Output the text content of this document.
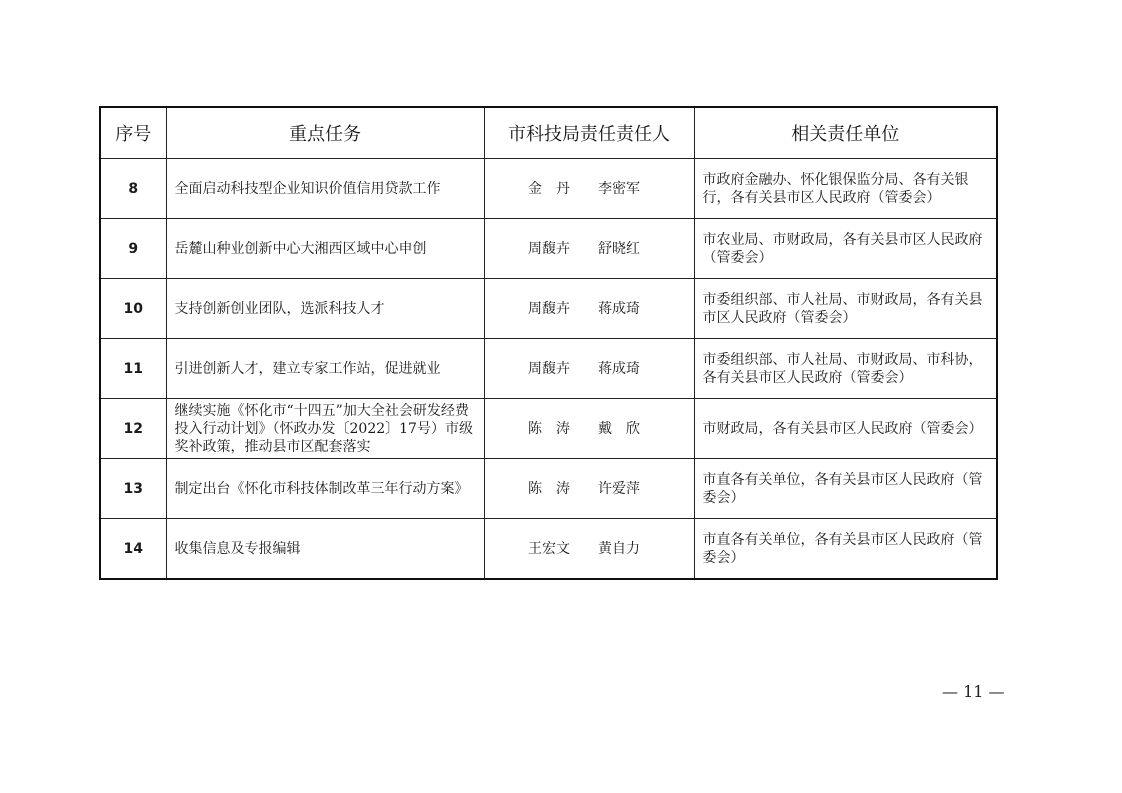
序号	重点任务	市科技局责任责任人	相关责任单位
8	全面启动科技型企业知识价值信用贷款工作	金　丹 李密军	市政府金融办、怀化银保监分局、各有关银行，各有关县市区人民政府（管委会）
9	岳麓山种业创新中心大湘西区域中心申创	周馥卉 舒晓红	市农业局、市财政局，各有关县市区人民政府（管委会）
10	支持创新创业团队，选派科技人才	周馥卉 蒋成琦	市委组织部、市人社局、市财政局，各有关县市区人民政府（管委会）
11	引进创新人才，建立专家工作站，促进就业	周馥卉 蒋成琦	市委组织部、市人社局、市财政局、市科协，各有关县市区人民政府（管委会）
12	继续实施《怀化市“十四五”加大全社会研发经费投入行动计划》（怀政办发〔2022〕17号）市级奖补政策，推动县市区配套落实	陈　涛 戴　欣	市财政局，各有关县市区人民政府（管委会）
13	制定出台《怀化市科技体制改革三年行动方案》	陈　涛 许爱萍	市直各有关单位，各有关县市区人民政府（管委会）
14	收集信息及专报编辑	王宏文 黄自力	市直各有关单位，各有关县市区人民政府（管委会）
— 11 —
